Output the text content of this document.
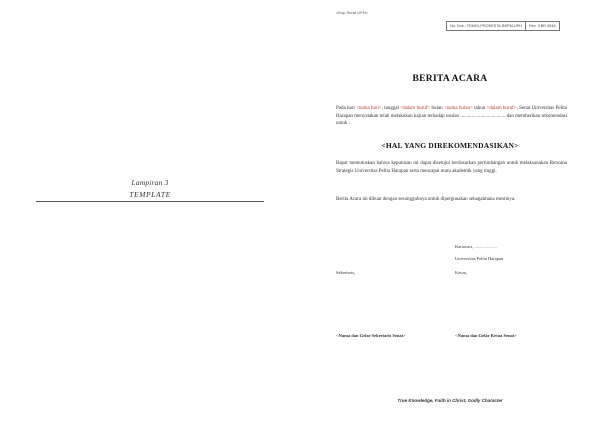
Lampiran 3
TEMPLATE
<Kop Surat UPH>
No. Dok.: TEM01-PROSESTA-BSPM-UPH	Rev. 0 BD 0816
BERITA ACARA
Pada hari <nama hari>, tanggal <dalam huruf> bulan <nama bulan> tahun <dalam huruf>, Senat Universitas Pelita Harapan menyatakan telah melakukan kajian terhadap usulan .................................... dan memberikan rekomendasi untuk :
<HAL YANG DIREKOMENDASIKAN>
Rapat memutuskan bahwa keputusan ini dapat disetujui berdasarkan pertimbangan untuk melaksanakan Rencana Strategis Universitas Pelita Harapan serta mencapai mutu akademik yang tinggi.
Berita Acara ini dibuat dengan sesungguhnya untuk dipergunakan sebagaimana mestinya.
Karawaci, ....................
Universitas Pelita Harapan
Sekretaris,	Ketua,
<Nama dan Gelar Sekretaris Senat>	<Nama dan Gelar Ketua Senat>
True Knowledge, Faith in Christ, Godly Character
